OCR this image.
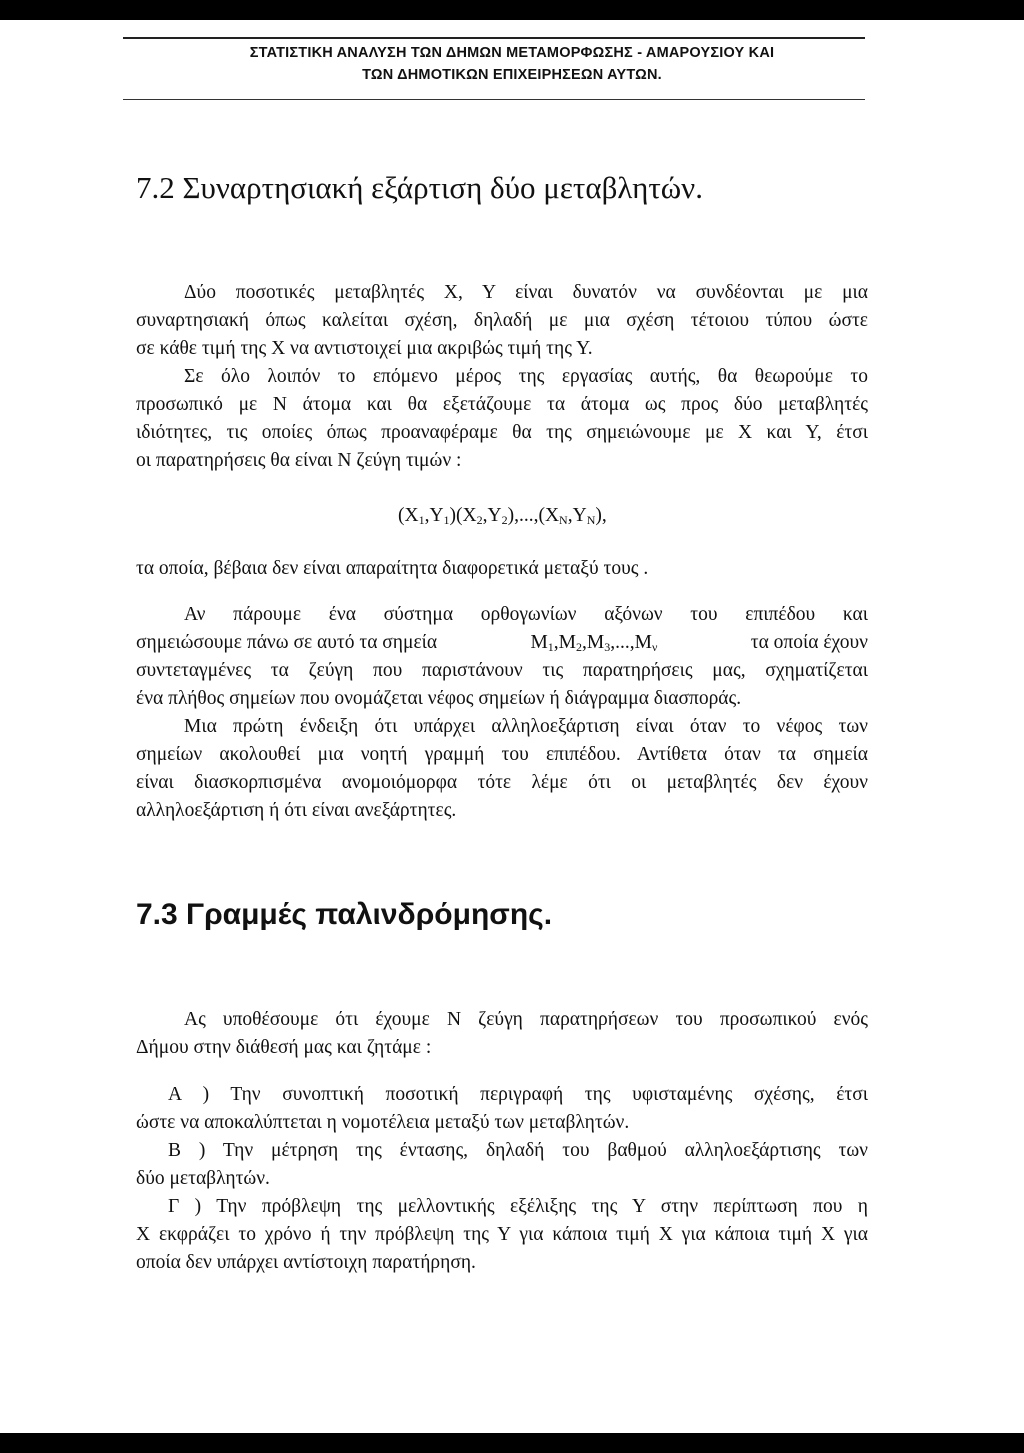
ΣΤΑΤΙΣΤΙΚΗ ΑΝΑΛΥΣΗ ΤΩΝ ΔΗΜΩΝ ΜΕΤΑΜΟΡΦΩΣΗΣ - ΑΜΑΡΟΥΣΙΟΥ ΚΑΙ
ΤΩΝ ΔΗΜΟΤΙΚΩΝ ΕΠΙΧΕΙΡΗΣΕΩΝ ΑΥΤΩΝ.
7.2 Συναρτησιακή εξάρτιση δύο μεταβλητών.
Δύο ποσοτικές μεταβλητές Χ, Υ είναι δυνατόν να συνδέονται με μια
συναρτησιακή όπως καλείται σχέση, δηλαδή με μια σχέση τέτοιου τύπου ώστε
σε κάθε τιμή της Χ να αντιστοιχεί μια ακριβώς τιμή της Υ.
Σε όλο λοιπόν το επόμενο μέρος της εργασίας αυτής, θα θεωρούμε το
προσωπικό με Ν άτομα και θα εξετάζουμε τα άτομα ως προς δύο μεταβλητές
ιδιότητες, τις οποίες όπως προαναφέραμε θα της σημειώνουμε με Χ και Υ, έτσι
οι παρατηρήσεις θα είναι Ν ζεύγη τιμών :
$(X_1,Y_1)(X_2,Y_2),...,(X_N,Y_N)$,
τα οποία, βέβαια δεν είναι απαραίτητα διαφορετικά μεταξύ τους .
Αν πάρουμε ένα σύστημα ορθογωνίων αξόνων του επιπέδου και
σημειώσουμε πάνω σε αυτό τα σημεία	$M_1,M_2,M_3,...,M_\nu$	τα οποία έχουν
συντεταγμένες τα ζεύγη που παριστάνουν τις παρατηρήσεις μας, σχηματίζεται
ένα πλήθος σημείων που ονομάζεται νέφος σημείων ή διάγραμμα διασποράς.
Μια πρώτη ένδειξη ότι υπάρχει αλληλοεξάρτιση είναι όταν το νέφος των
σημείων ακολουθεί μια νοητή γραμμή του επιπέδου. Αντίθετα όταν τα σημεία
είναι διασκορπισμένα ανομοιόμορφα τότε λέμε ότι οι μεταβλητές δεν έχουν
αλληλοεξάρτιση ή ότι είναι ανεξάρτητες.
7.3 Γραμμές παλινδρόμησης.
Ας υποθέσουμε ότι έχουμε Ν ζεύγη παρατηρήσεων του προσωπικού ενός
Δήμου στην διάθεσή μας και ζητάμε :
Α ) Την συνοπτική ποσοτική περιγραφή της υφισταμένης σχέσης, έτσι
ώστε να αποκαλύπτεται η νομοτέλεια μεταξύ των μεταβλητών.
Β ) Την μέτρηση της έντασης, δηλαδή του βαθμού αλληλοεξάρτισης των
δύο μεταβλητών.
Γ ) Την πρόβλεψη της μελλοντικής εξέλιξης της Υ στην περίπτωση που η
Χ εκφράζει το χρόνο ή την πρόβλεψη της Υ για κάποια τιμή Χ για κάποια τιμή Χ για
οποία δεν υπάρχει αντίστοιχη παρατήρηση.
